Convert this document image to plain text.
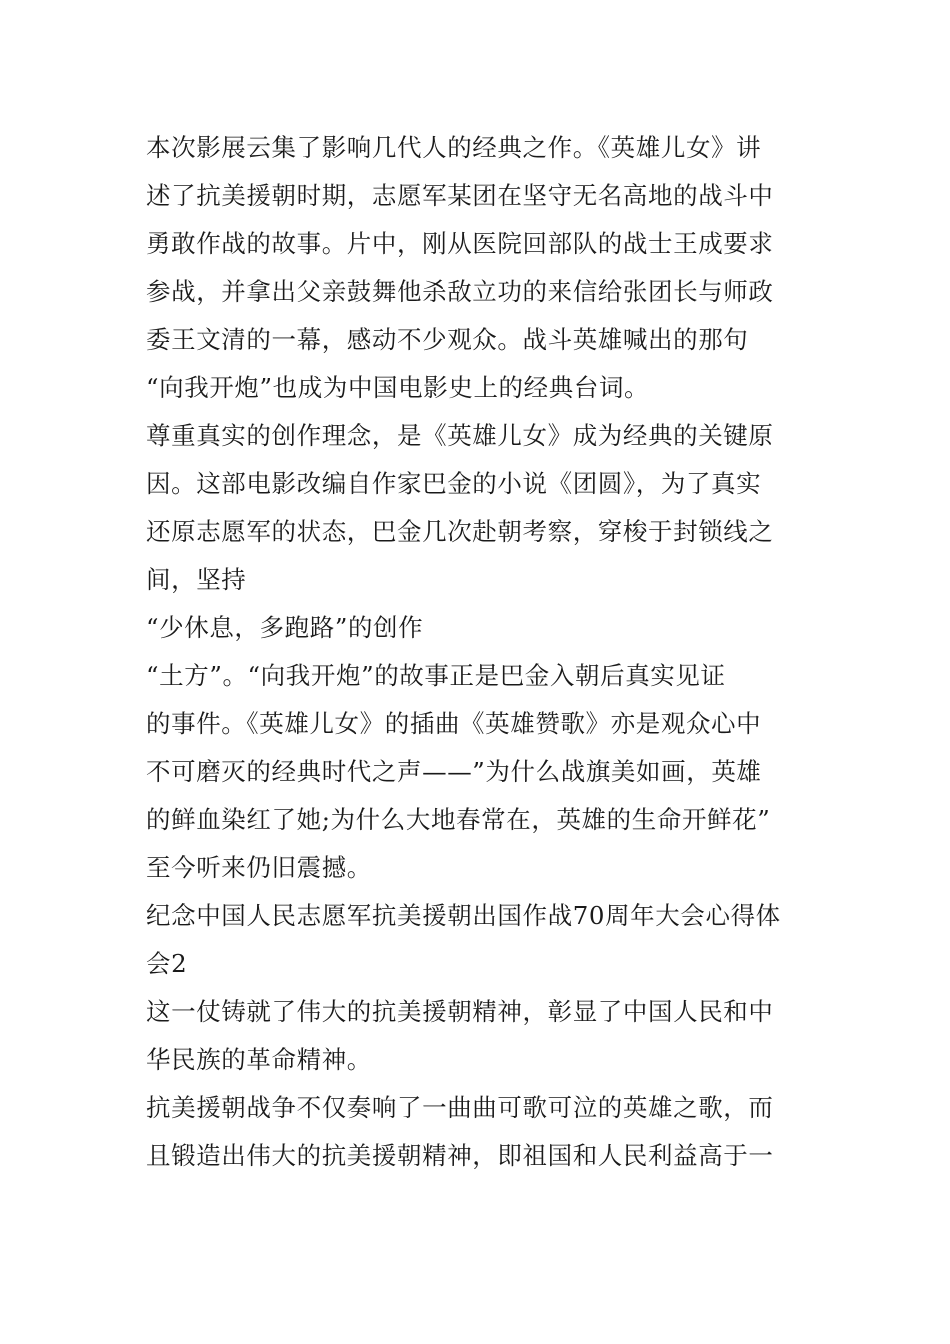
本次影展云集了影响几代人的经典之作。《英雄儿女》讲
述了抗美援朝时期，志愿军某团在坚守无名高地的战斗中
勇敢作战的故事。片中，刚从医院回部队的战士王成要求
参战，并拿出父亲鼓舞他杀敌立功的来信给张团长与师政
委王文清的一幕，感动不少观众。战斗英雄喊出的那句
“向我开炮”也成为中国电影史上的经典台词。
尊重真实的创作理念，是《英雄儿女》成为经典的关键原
因。这部电影改编自作家巴金的小说《团圆》，为了真实
还原志愿军的状态，巴金几次赴朝考察，穿梭于封锁线之
间，坚持
“少休息，多跑路”的创作
“土方”。“向我开炮”的故事正是巴金入朝后真实见证
的事件。《英雄儿女》的插曲《英雄赞歌》亦是观众心中
不可磨灭的经典时代之声——”为什么战旗美如画，英雄
的鲜血染红了她;为什么大地春常在，英雄的生命开鲜花”
至今听来仍旧震撼。
纪念中国人民志愿军抗美援朝出国作战70周年大会心得体
会2
这一仗铸就了伟大的抗美援朝精神，彰显了中国人民和中
华民族的革命精神。
抗美援朝战争不仅奏响了一曲曲可歌可泣的英雄之歌，而
且锻造出伟大的抗美援朝精神，即祖国和人民利益高于一
